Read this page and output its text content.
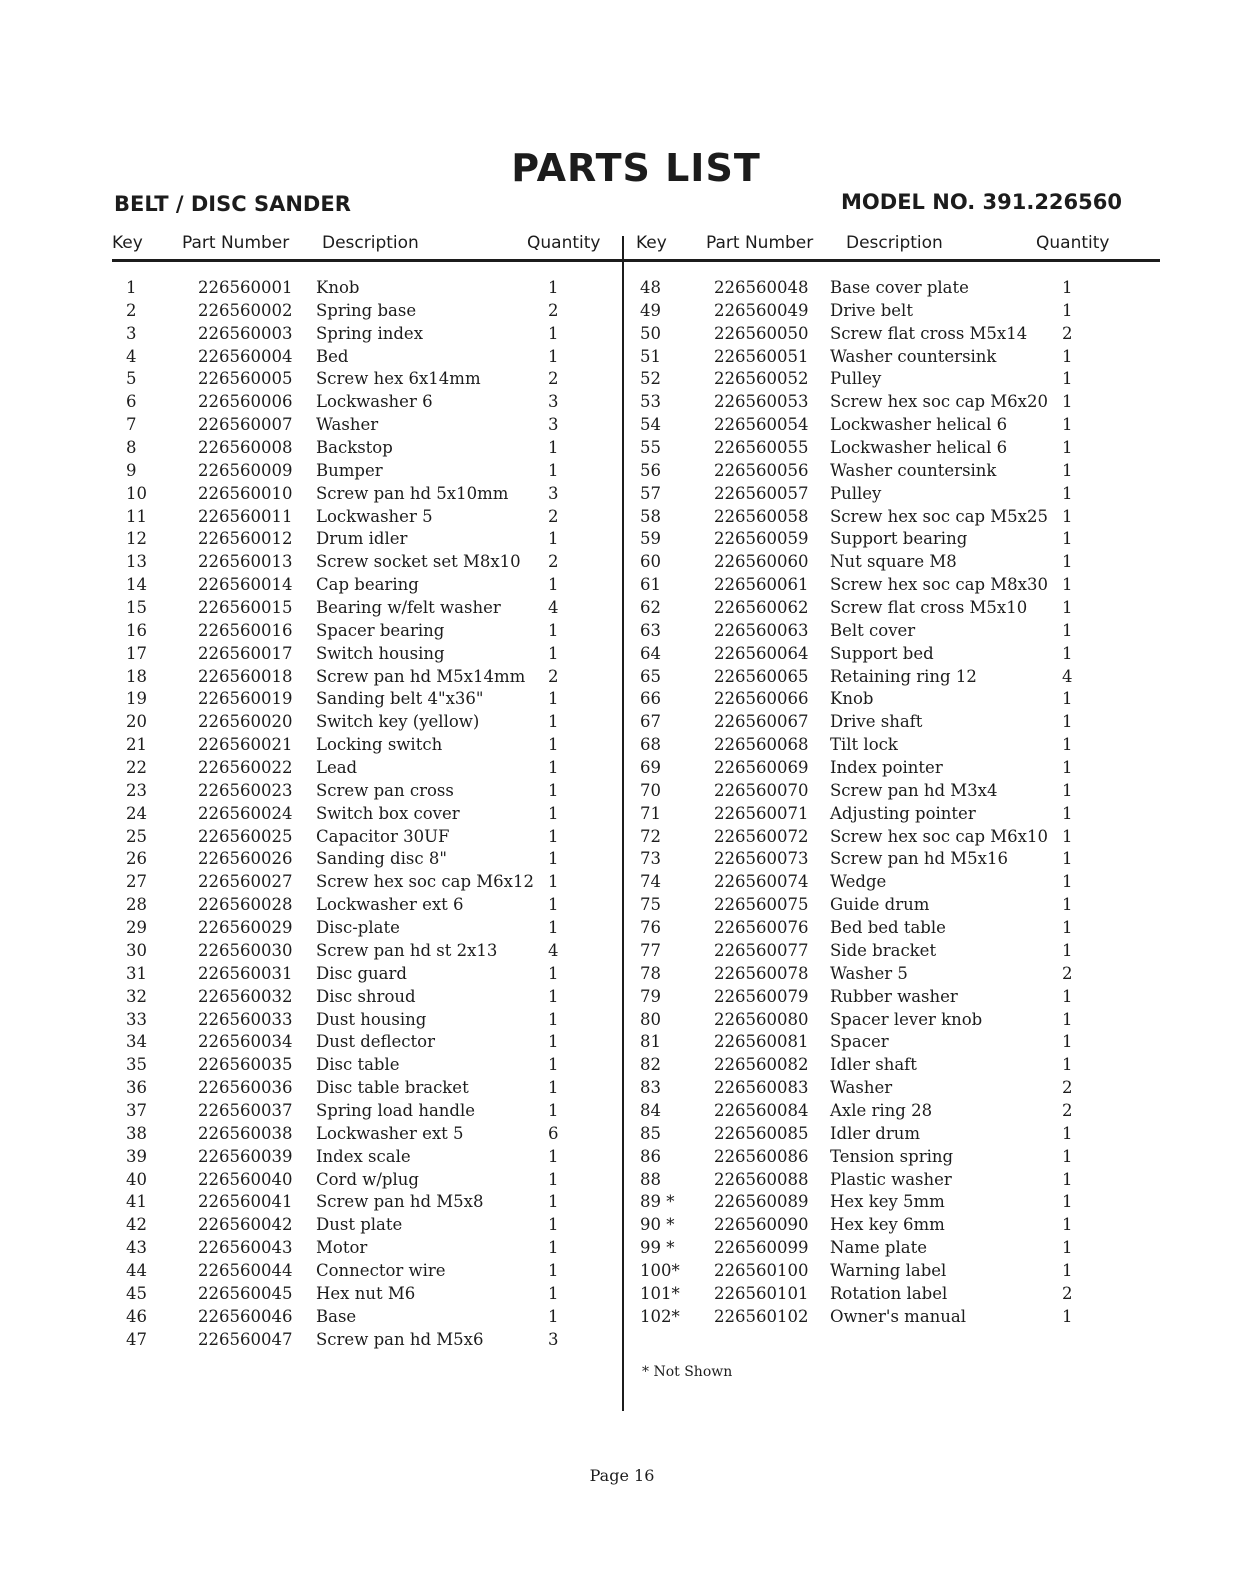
PARTS LIST
BELT / DISC SANDER	MODEL NO. 391.226560
Key Part Number Description	Quantity Key Part Number Description	Quantity
1	226560001 Knob	1
2	226560002 Spring base	2
3	226560003 Spring index	1
4	226560004 Bed	1
5	226560005 Screw hex 6x14mm	2
6	226560006 Lockwasher 6	3
7	226560007 Washer	3
8	226560008 Backstop	1
9	226560009 Bumper	1
10	226560010 Screw pan hd 5x10mm 3
11	226560011 Lockwasher 5	2
12	226560012 Drum idler	1
13	226560013 Screw socket set M8x10 2
14	226560014 Cap bearing	1
15	226560015 Bearing w/felt washer	4
16	226560016 Spacer bearing	1
17	226560017 Switch housing	1
18	226560018 Screw pan hd M5x14mm 2
19	226560019 Sanding belt 4"x36"	1
20	226560020 Switch key (yellow)	1
21	226560021 Locking switch	1
22	226560022 Lead	1
23	226560023 Screw pan cross	1
24	226560024 Switch box cover	1
25	226560025 Capacitor 30UF	1
26	226560026 Sanding disc 8"	1
27	226560027 Screw hex soc cap M6x12 1
28	226560028 Lockwasher ext 6	1
29	226560029 Disc-plate	1
30	226560030 Screw pan hd st 2x13	4
31	226560031 Disc guard	1
32	226560032 Disc shroud	1
33	226560033 Dust housing	1
34	226560034 Dust deflector	1
35	226560035 Disc table	1
36	226560036 Disc table bracket	1
37	226560037 Spring load handle	1
38	226560038 Lockwasher ext 5	6
39	226560039 Index scale	1
40	226560040 Cord w/plug	1
41	226560041 Screw pan hd M5x8	1
42	226560042 Dust plate	1
43	226560043 Motor	1
44	226560044 Connector wire	1
45	226560045 Hex nut M6	1
46	226560046 Base	1
47	226560047 Screw pan hd M5x6	3
48	226560048 Base cover plate	1
49	226560049 Drive belt	1
50	226560050 Screw flat cross M5x14 2
51	226560051 Washer countersink	1
52	226560052 Pulley	1
53	226560053 Screw hex soc cap M6x20 1
54	226560054 Lockwasher helical 6	1
55	226560055 Lockwasher helical 6	1
56	226560056 Washer countersink	1
57	226560057 Pulley	1
58	226560058 Screw hex soc cap M5x25 1
59	226560059 Support bearing	1
60	226560060 Nut square M8	1
61	226560061 Screw hex soc cap M8x30 1
62	226560062 Screw flat cross M5x10 1
63	226560063 Belt cover	1
64	226560064 Support bed	1
65	226560065 Retaining ring 12	4
66	226560066 Knob	1
67	226560067 Drive shaft	1
68	226560068 Tilt lock	1
69	226560069 Index pointer	1
70	226560070 Screw pan hd M3x4	1
71	226560071 Adjusting pointer	1
72	226560072 Screw hex soc cap M6x10 1
73	226560073 Screw pan hd M5x16	1
74	226560074 Wedge	1
75	226560075 Guide drum	1
76	226560076 Bed bed table	1
77	226560077 Side bracket	1
78	226560078 Washer 5	2
79	226560079 Rubber washer	1
80	226560080 Spacer lever knob	1
81	226560081 Spacer	1
82	226560082 Idler shaft	1
83	226560083 Washer	2
84	226560084 Axle ring 28	2
85	226560085 Idler drum	1
86	226560086 Tension spring	1
88	226560088 Plastic washer	1
89 * 226560089 Hex key 5mm	1
90 * 226560090 Hex key 6mm	1
99 * 226560099 Name plate	1
100* 226560100 Warning label	1
101* 226560101 Rotation label	2
102* 226560102 Owner's manual	1
* Not Shown
Page 16
